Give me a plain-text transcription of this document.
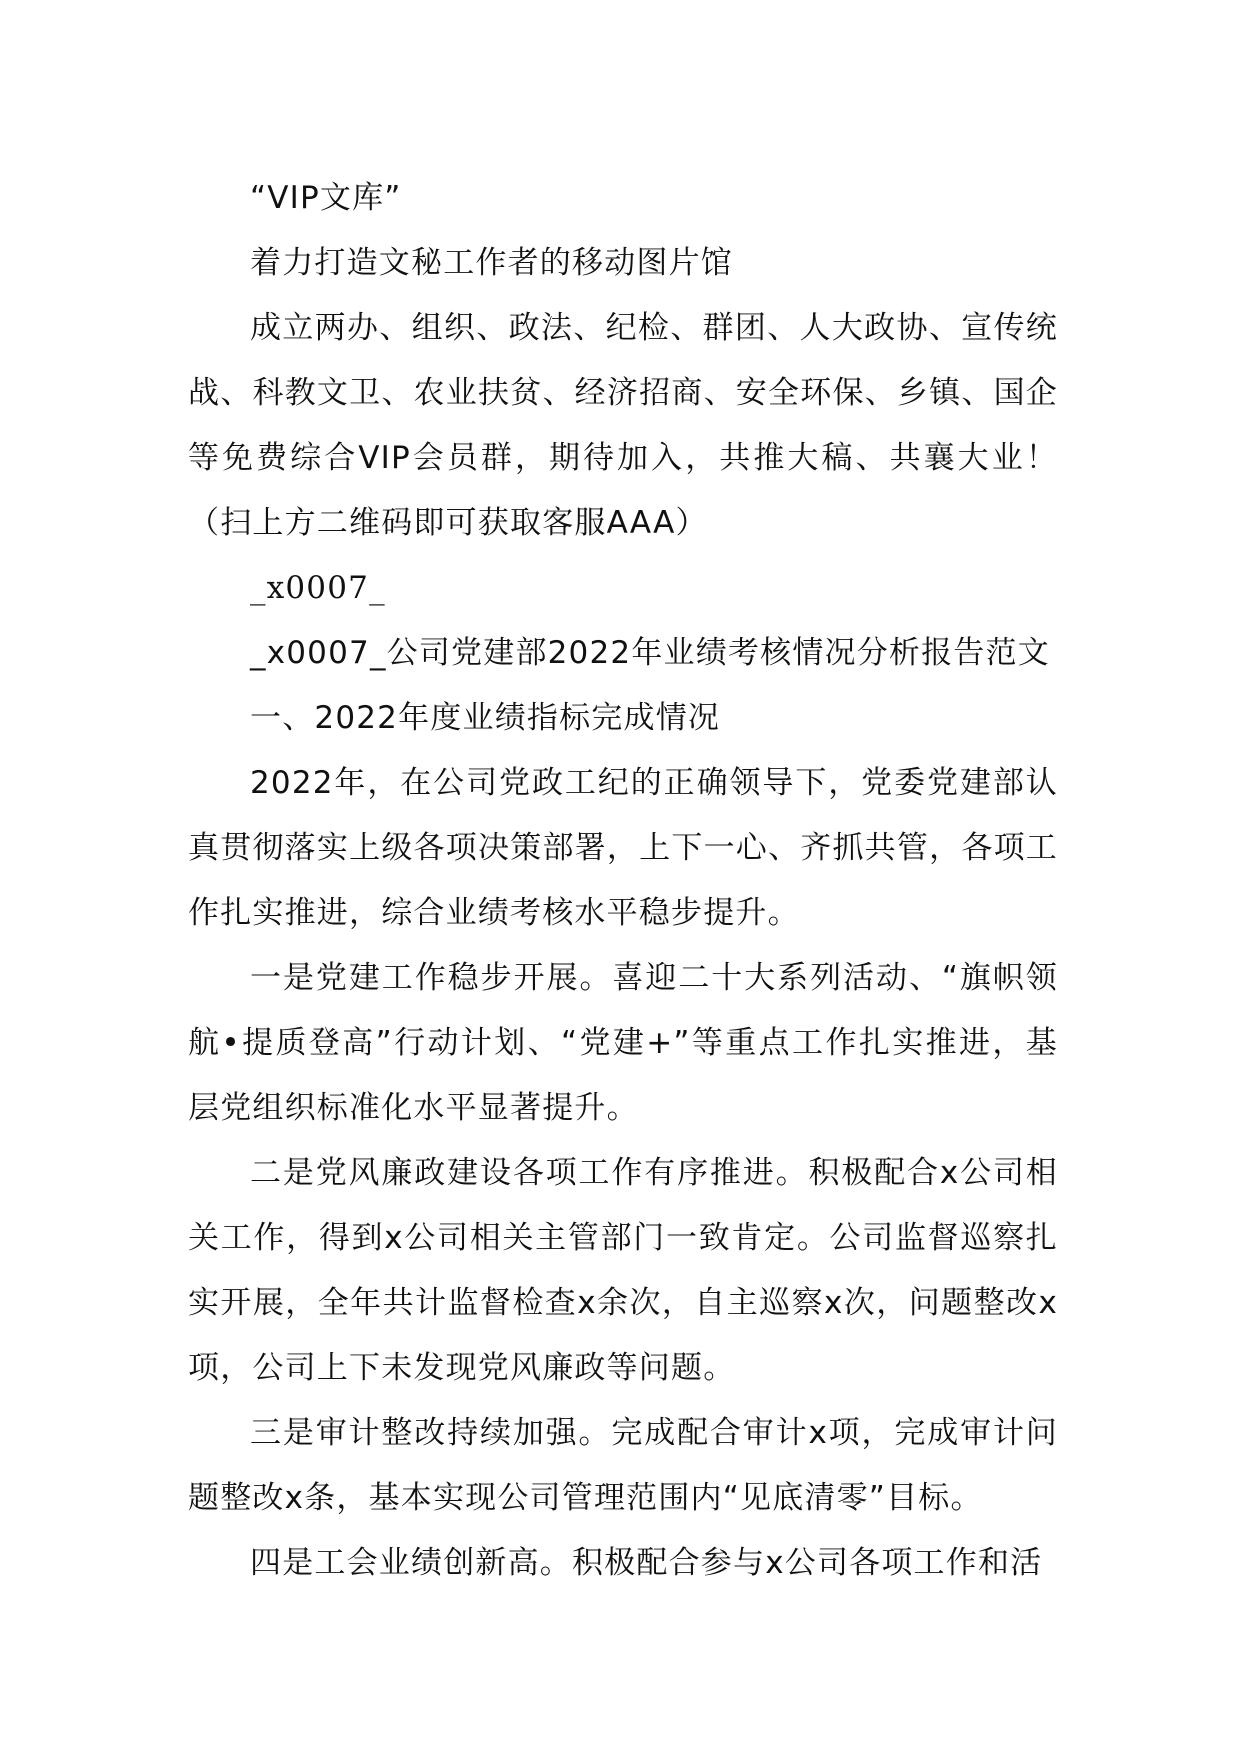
“VIP文库”

着力打造文秘工作者的移动图片馆

成立两办、组织、政法、纪检、群团、人大政协、宣传统战、科教文卫、农业扶贫、经济招商、安全环保、乡镇、国企等免费综合VIP会员群，期待加入，共推大稿、共襄大业！（扫上方二维码即可获取客服AAA）

_x0007_

_x0007_公司党建部2022年业绩考核情况分析报告范文

一、2022年度业绩指标完成情况

2022年，在公司党政工纪的正确领导下，党委党建部认真贯彻落实上级各项决策部署，上下一心、齐抓共管，各项工作扎实推进，综合业绩考核水平稳步提升。

一是党建工作稳步开展。喜迎二十大系列活动、“旗帜领航•提质登高”行动计划、“党建+”等重点工作扎实推进，基层党组织标准化水平显著提升。

二是党风廉政建设各项工作有序推进。积极配合x公司相关工作，得到x公司相关主管部门一致肯定。公司监督巡察扎实开展，全年共计监督检查x余次，自主巡察x次，问题整改x项，公司上下未发现党风廉政等问题。

三是审计整改持续加强。完成配合审计x项，完成审计问题整改x条，基本实现公司管理范围内“见底清零”目标。

四是工会业绩创新高。积极配合参与x公司各项工作和活
